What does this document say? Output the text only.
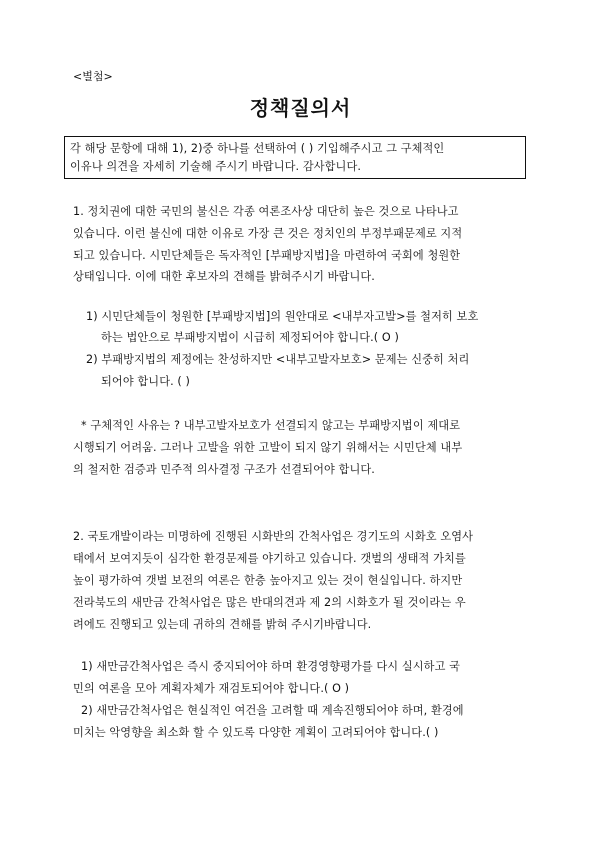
<별첨>
정책질의서
각 해당 문항에 대해 1), 2)중 하나를 선택하여 ( ) 기입해주시고 그 구체적인
이유나 의견을 자세히 기술해 주시기 바랍니다. 감사합니다.
1. 정치권에 대한 국민의 불신은 각종 여론조사상 대단히 높은 것으로 나타나고
있습니다. 이런 불신에 대한 이유로 가장 큰 것은 정치인의 부정부패문제로 지적
되고 있습니다. 시민단체들은 독자적인 [부패방지법]을 마련하여 국회에 청원한
상태입니다. 이에 대한 후보자의 견해를 밝혀주시기 바랍니다.
1) 시민단체들이 청원한 [부패방지법]의 원안대로 <내부자고발>를 철저히 보호
하는 법안으로 부패방지법이 시급히 제정되어야 합니다.( O )
2) 부패방지법의 제정에는 찬성하지만 <내부고발자보호> 문제는 신중히 처리
되어야 합니다. ( )
* 구체적인 사유는 ? 내부고발자보호가 선결되지 않고는 부패방지법이 제대로
시행되기 어려움. 그러나 고발을 위한 고발이 되지 않기 위해서는 시민단체 내부
의 철저한 검증과 민주적 의사결정 구조가 선결되어야 합니다.
2. 국토개발이라는 미명하에 진행된 시화반의 간척사업은 경기도의 시화호 오염사
태에서 보여지듯이 심각한 환경문제를 야기하고 있습니다. 갯벌의 생태적 가치를
높이 평가하여 갯벌 보전의 여론은 한층 높아지고 있는 것이 현실입니다. 하지만
전라북도의 새만금 간척사업은 많은 반대의견과 제 2의 시화호가 될 것이라는 우
려에도 진행되고 있는데 귀하의 견해를 밝혀 주시기바랍니다.
1) 새만금간척사업은 즉시 중지되어야 하며 환경영향평가를 다시 실시하고 국
민의 여론을 모아 계획자체가 재검토되어야 합니다.( O )
2) 새만금간척사업은 현실적인 여건을 고려할 때 계속진행되어야 하며, 환경에
미치는 악영향을 최소화 할 수 있도록 다양한 계획이 고려되어야 합니다.( )
